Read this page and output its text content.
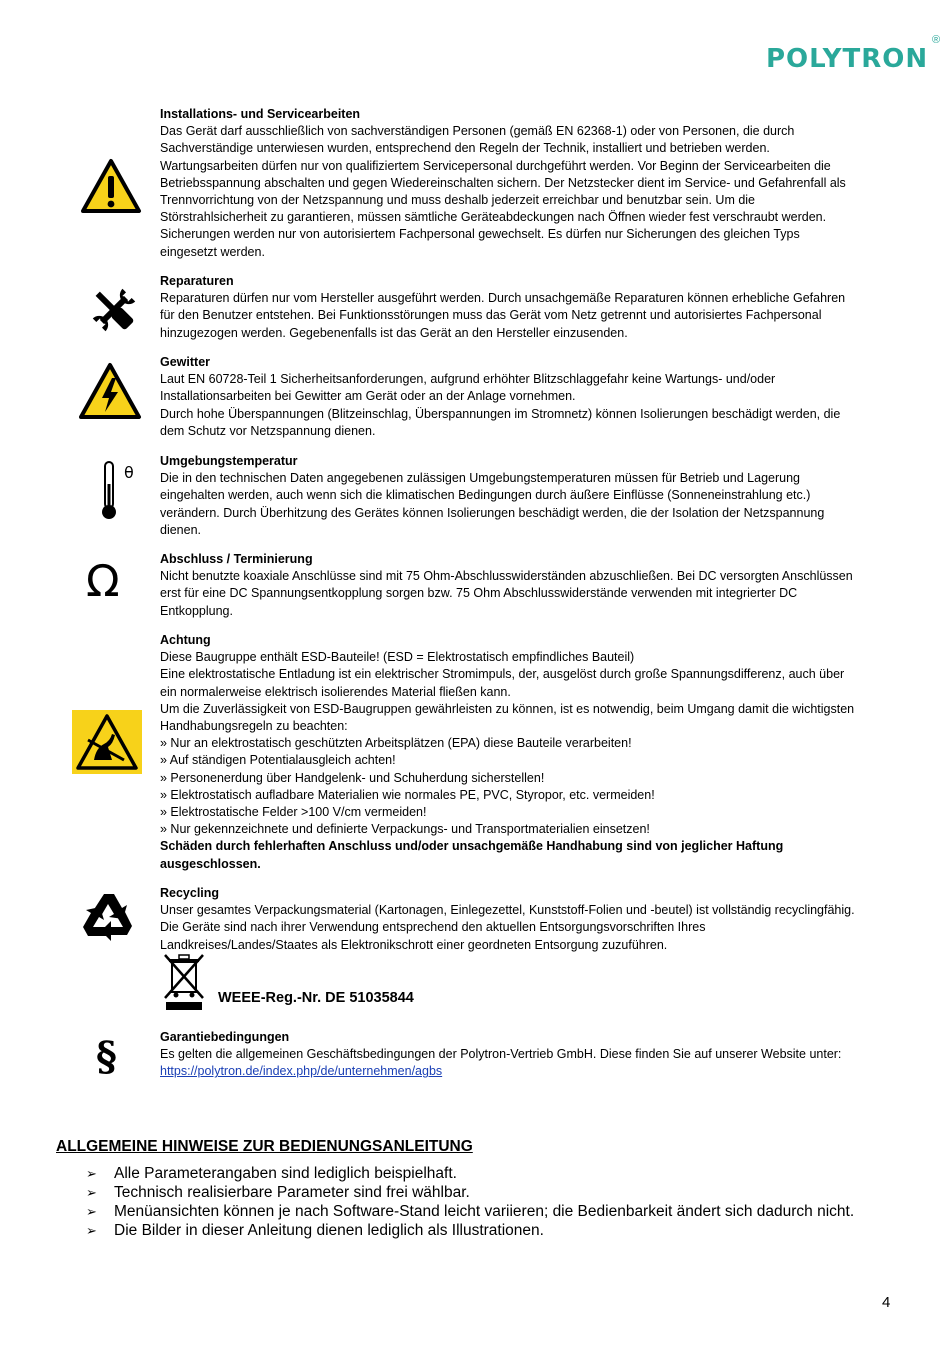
POLYTRON
®

Installations- und Servicearbeiten

Das Gerät darf ausschließlich von sachverständigen Personen (gemäß EN 62368-1) oder von Personen, die durch

Sachverständige unterwiesen wurden, entsprechend den Regeln der Technik, installiert und betrieben werden.

Wartungsarbeiten dürfen nur von qualifiziertem Servicepersonal durchgeführt werden. Vor Beginn der Servicearbeiten die

Betriebsspannung abschalten und gegen Wiedereinschalten sichern. Der Netzstecker dient im Service- und Gefahrenfall als

Trennvorrichtung von der Netzspannung und muss deshalb jederzeit erreichbar und benutzbar sein. Um die

Störstrahlsicherheit zu garantieren, müssen sämtliche Geräteabdeckungen nach Öffnen wieder fest verschraubt werden.

Sicherungen werden nur von autorisiertem Fachpersonal gewechselt. Es dürfen nur Sicherungen des gleichen Typs

eingesetzt werden.

Reparaturen

Reparaturen dürfen nur vom Hersteller ausgeführt werden. Durch unsachgemäße Reparaturen können erhebliche Gefahren

für den Benutzer entstehen. Bei Funktionsstörungen muss das Gerät vom Netz getrennt und autorisiertes Fachpersonal

hinzugezogen werden. Gegebenenfalls ist das Gerät an den Hersteller einzusenden.

Gewitter

Laut EN 60728-Teil 1 Sicherheitsanforderungen, aufgrund erhöhter Blitzschlaggefahr keine Wartungs- und/oder

Installationsarbeiten bei Gewitter am Gerät oder an der Anlage vornehmen.

Durch hohe Überspannungen (Blitzeinschlag, Überspannungen im Stromnetz) können Isolierungen beschädigt werden, die

dem Schutz vor Netzspannung dienen.

θ

Umgebungstemperatur

Die in den technischen Daten angegebenen zulässigen Umgebungstemperaturen müssen für Betrieb und Lagerung

eingehalten werden, auch wenn sich die klimatischen Bedingungen durch äußere Einflüsse (Sonneneinstrahlung etc.)

verändern. Durch Überhitzung des Gerätes können Isolierungen beschädigt werden, die der Isolation der Netzspannung

dienen.

Ω	Abschluss / Terminierung

Nicht benutzte koaxiale Anschlüsse sind mit 75 Ohm-Abschlusswiderständen abzuschließen. Bei DC versorgten Anschlüssen

erst für eine DC Spannungsentkopplung sorgen bzw. 75 Ohm Abschlusswiderstände verwenden mit integrierter DC

Entkopplung.

Achtung

Diese Baugruppe enthält ESD-Bauteile! (ESD = Elektrostatisch empfindliches Bauteil)

Eine elektrostatische Entladung ist ein elektrischer Stromimpuls, der, ausgelöst durch große Spannungsdifferenz, auch über

ein normalerweise elektrisch isolierendes Material fließen kann.

Um die Zuverlässigkeit von ESD-Baugruppen gewährleisten zu können, ist es notwendig, beim Umgang damit die wichtigsten

Handhabungsregeln zu beachten:

» Nur an elektrostatisch geschützten Arbeitsplätzen (EPA) diese Bauteile verarbeiten!

» Auf ständigen Potentialausgleich achten!

» Personenerdung über Handgelenk- und Schuherdung sicherstellen!

» Elektrostatisch aufladbare Materialien wie normales PE, PVC, Styropor, etc. vermeiden!

» Elektrostatische Felder >100 V/cm vermeiden!

» Nur gekennzeichnete und definierte Verpackungs- und Transportmaterialien einsetzen!

Schäden durch fehlerhaften Anschluss und/oder unsachgemäße Handhabung sind von jeglicher Haftung

ausgeschlossen.

Recycling

Unser gesamtes Verpackungsmaterial (Kartonagen, Einlegezettel, Kunststoff-Folien und -beutel) ist vollständig recyclingfähig.

Die Geräte sind nach ihrer Verwendung entsprechend den aktuellen Entsorgungsvorschriften Ihres

Landkreises/Landes/Staates als Elektronikschrott einer geordneten Entsorgung zuzuführen.

WEEE-Reg.-Nr. DE 51035844
§	Garantiebedingungen

Es gelten die allgemeinen Geschäftsbedingungen der Polytron-Vertrieb GmbH. Diese finden Sie auf unserer Website unter:

https://polytron.de/index.php/de/unternehmen/agbs

ALLGEMEINE HINWEISE ZUR BEDIENUNGSANLEITUNG
➢ Alle Parameterangaben sind lediglich beispielhaft.
➢ Technisch realisierbare Parameter sind frei wählbar.
➢ Menüansichten können je nach Software-Stand leicht variieren; die Bedienbarkeit ändert sich dadurch nicht.
➢ Die Bilder in dieser Anleitung dienen lediglich als Illustrationen.
4
